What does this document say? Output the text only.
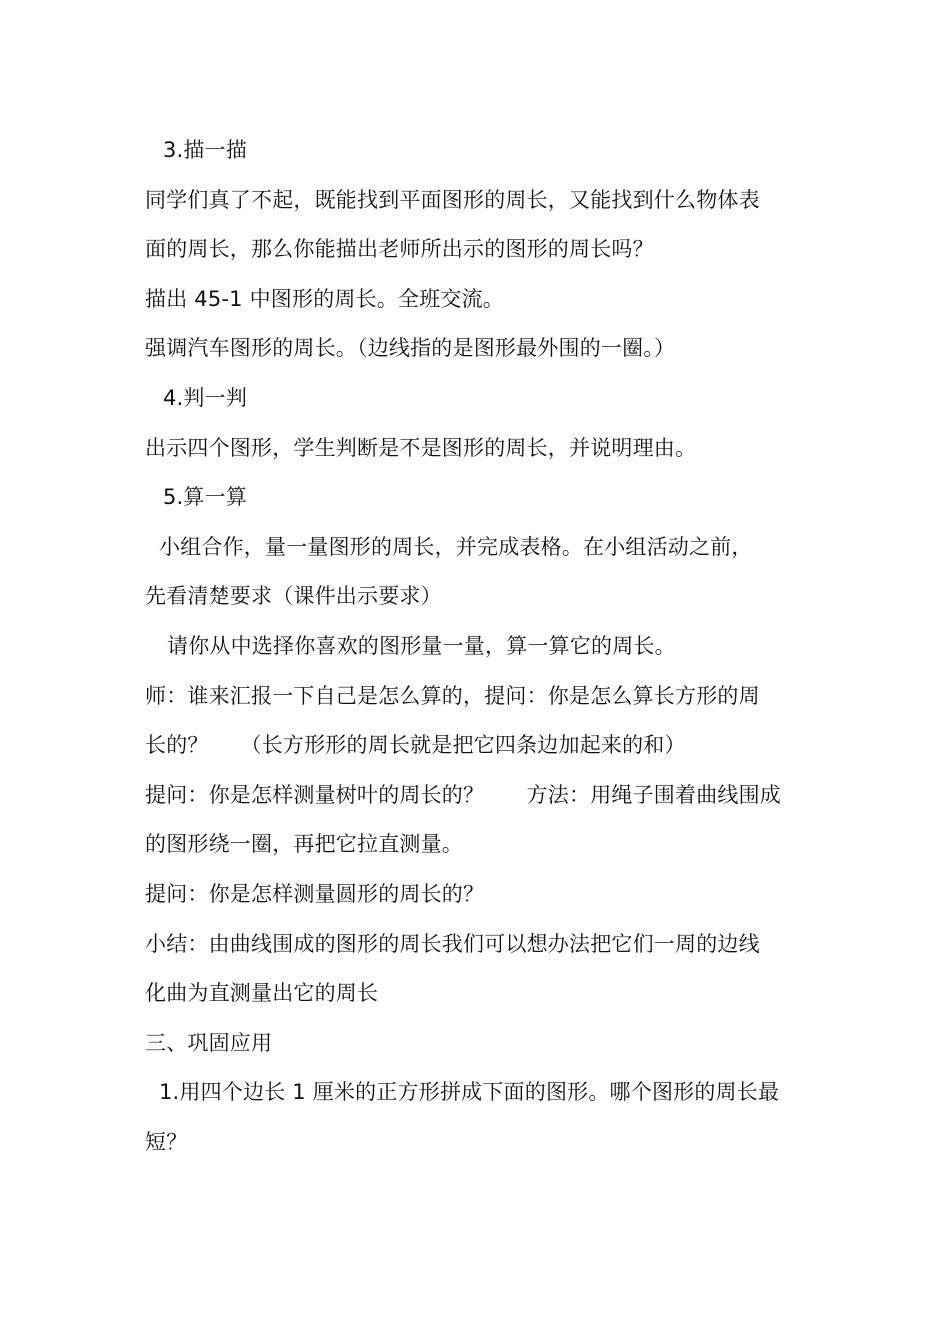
3.描一描
同学们真了不起，既能找到平面图形的周长，又能找到什么物体表
面的周长，那么你能描出老师所出示的图形的周长吗？
描出 45-1 中图形的周长。全班交流。
强调汽车图形的周长。（边线指的是图形最外围的一圈。）
4.判一判
出示四个图形，学生判断是不是图形的周长，并说明理由。
5.算一算
小组合作，量一量图形的周长，并完成表格。在小组活动之前，
先看清楚要求（课件出示要求）
请你从中选择你喜欢的图形量一量，算一算它的周长。
师：谁来汇报一下自己是怎么算的，提问：你是怎么算长方形的周
长的？　　（长方形形的周长就是把它四条边加起来的和）
提问：你是怎样测量树叶的周长的？　　方法：用绳子围着曲线围成
的图形绕一圈，再把它拉直测量。
提问：你是怎样测量圆形的周长的？
小结：由曲线围成的图形的周长我们可以想办法把它们一周的边线
化曲为直测量出它的周长
三、巩固应用
1.用四个边长 1 厘米的正方形拼成下面的图形。哪个图形的周长最
短？
